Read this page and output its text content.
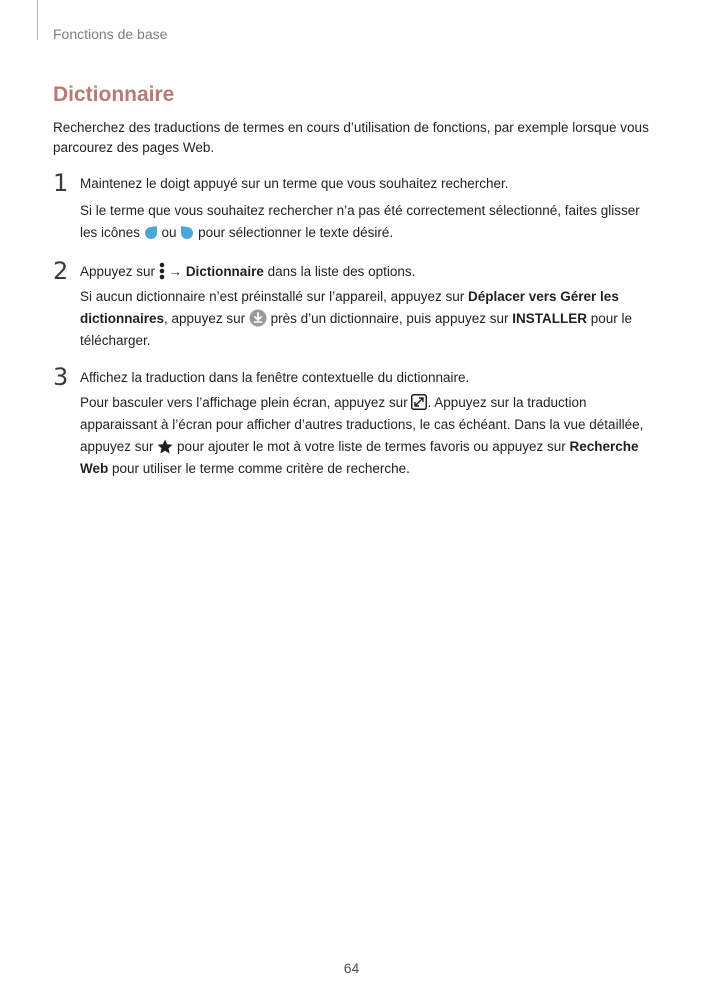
Fonctions de base
Dictionnaire
Recherchez des traductions de termes en cours d’utilisation de fonctions, par exemple lorsque vous parcourez des pages Web.
1 Maintenez le doigt appuyé sur un terme que vous souhaitez rechercher.
Si le terme que vous souhaitez rechercher n’a pas été correctement sélectionné, faites glisser les icônes  ou  pour sélectionner le texte désiré.
2 Appuyez sur  → Dictionnaire dans la liste des options.
Si aucun dictionnaire n’est préinstallé sur l’appareil, appuyez sur Déplacer vers Gérer les dictionnaires, appuyez sur  près d’un dictionnaire, puis appuyez sur INSTALLER pour le télécharger.
3 Affichez la traduction dans la fenêtre contextuelle du dictionnaire.
Pour basculer vers l’affichage plein écran, appuyez sur . Appuyez sur la traduction apparaissant à l’écran pour afficher d’autres traductions, le cas échéant. Dans la vue détaillée, appuyez sur  pour ajouter le mot à votre liste de termes favoris ou appuyez sur Recherche Web pour utiliser le terme comme critère de recherche.
64
